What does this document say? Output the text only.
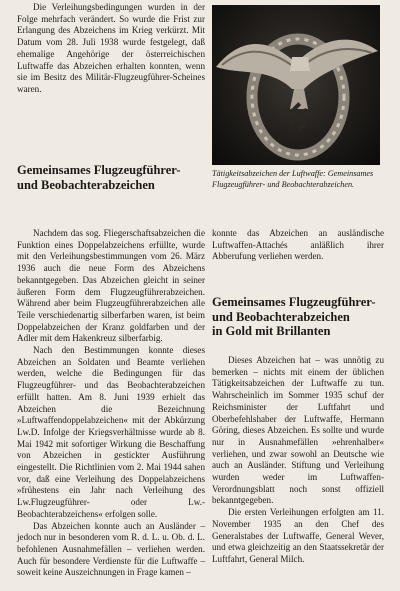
Die Verleihungsbedingungen wurden in der Folge mehrfach verändert. So wurde die Frist zur Erlangung des Abzeichens im Krieg verkürzt. Mit Datum vom 28. Juli 1938 wurde festgelegt, daß ehemalige Angehörige der österreichischen Luftwaffe das Abzeichen erhalten konnten, wenn sie im Besitz des Militär-Flugzeugführer-Scheines waren.

Tätigkeitsabzeichen der Luftwaffe: Gemeinsames Flugzeugführer- und Beobachterabzeichen.

Gemeinsames Flugzeugführer-
und Beobachterabzeichen

Nachdem das sog. Fliegerschaftsabzeichen die Funktion eines Doppelabzeichens erfüllte, wurde mit den Verleihungsbestimmungen vom 26. März 1936 auch die neue Form des Abzeichens bekanntgegeben. Das Abzeichen gleicht in seiner äußeren Form dem Flugzeugführerabzeichen. Während aber beim Flugzeugführerabzeichen alle Teile verschiedenartig silberfarben waren, ist beim Doppelabzeichen der Kranz goldfarben und der Adler mit dem Hakenkreuz silberfarbig.

Nach den Bestimmungen konnte dieses Abzeichen an Soldaten und Beamte verliehen werden, welche die Bedingungen für das Flugzeugführer- und das Beobachterabzeichen erfüllt hatten. Am 8. Juni 1939 erhielt das Abzeichen die Bezeichnung »Luftwaffendoppelabzeichen« mit der Abkürzung Lw.D. Infolge der Kriegsverhältnisse wurde ab 8. Mai 1942 mit sofortiger Wirkung die Beschaffung von Abzeichen in gestickter Ausführung eingestellt. Die Richtlinien vom 2. Mai 1944 sahen vor, daß eine Verleihung des Doppelabzeichens »frühestens ein Jahr nach Verleihung des Lw.Flugzeugführer- oder Lw.-Beobachterabzeichens« erfolgen solle.

Das Abzeichen konnte auch an Ausländer – jedoch nur in besonderen vom R. d. L. u. Ob. d. L. befohlenen Ausnahmefällen – verliehen werden. Auch für besondere Verdienste für die Luftwaffe – soweit keine Auszeichnungen in Frage kamen –

Gemeinsames Flugzeugführer-
und Beobachterabzeichen
in Gold mit Brillanten

Dieses Abzeichen hat – was unnötig zu bemerken – nichts mit einem der üblichen Tätigkeitsabzeichen der Luftwaffe zu tun. Wahrscheinlich im Sommer 1935 schuf der Reichsminister der Luftfahrt und Oberbefehlshaber der Luftwaffe, Hermann Göring, dieses Abzeichen. Es sollte und wurde nur in Ausnahmefällen »ehrenhalber« verliehen, und zwar sowohl an Deutsche wie auch an Ausländer. Stiftung und Verleihung wurden weder im Luftwaffen-Verordnungsblatt noch sonst offiziell bekanntgegeben.

Die ersten Verleihungen erfolgten am 11. November 1935 an den Chef des Generalstabes der Luftwaffe, General Wever, und etwa gleichzeitig an den Staatssekretär der Luftfahrt, General Milch.

konnte das Abzeichen an ausländische Luftwaffen-Attachés anläßlich ihrer Abberufung verliehen werden.
